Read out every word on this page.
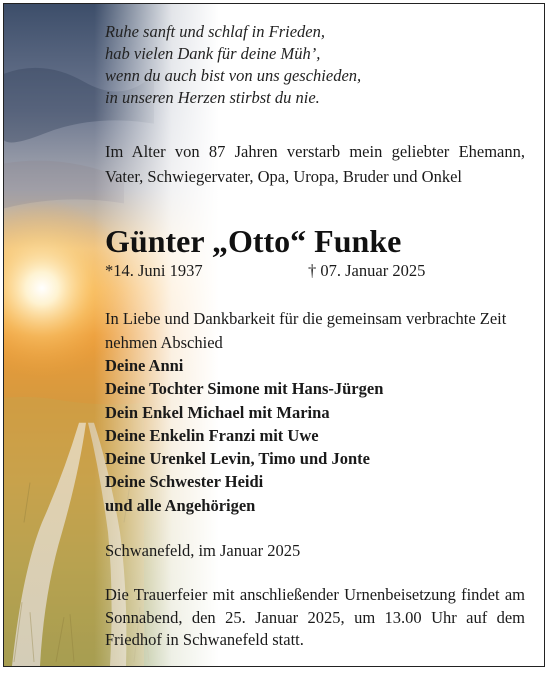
Ruhe sanft und schlaf in Frieden,
hab vielen Dank für deine Müh’,
wenn du auch bist von uns geschieden,
in unseren Herzen stirbst du nie.
Im Alter von 87 Jahren verstarb mein geliebter Ehemann, Vater, Schwiegervater, Opa, Uropa, Bruder und Onkel
Günter „Otto“ Funke
*14. Juni 1937	† 07. Januar 2025
In Liebe und Dankbarkeit für die gemeinsam verbrachte Zeit nehmen Abschied
Deine Anni
Deine Tochter Simone mit Hans-Jürgen
Dein Enkel Michael mit Marina
Deine Enkelin Franzi mit Uwe
Deine Urenkel Levin, Timo und Jonte
Deine Schwester Heidi
und alle Angehörigen
Schwanefeld, im Januar 2025
Die Trauerfeier mit anschließender Urnenbeisetzung findet am Sonnabend, den 25. Januar 2025, um 13.00 Uhr auf dem Friedhof in Schwanefeld statt.
